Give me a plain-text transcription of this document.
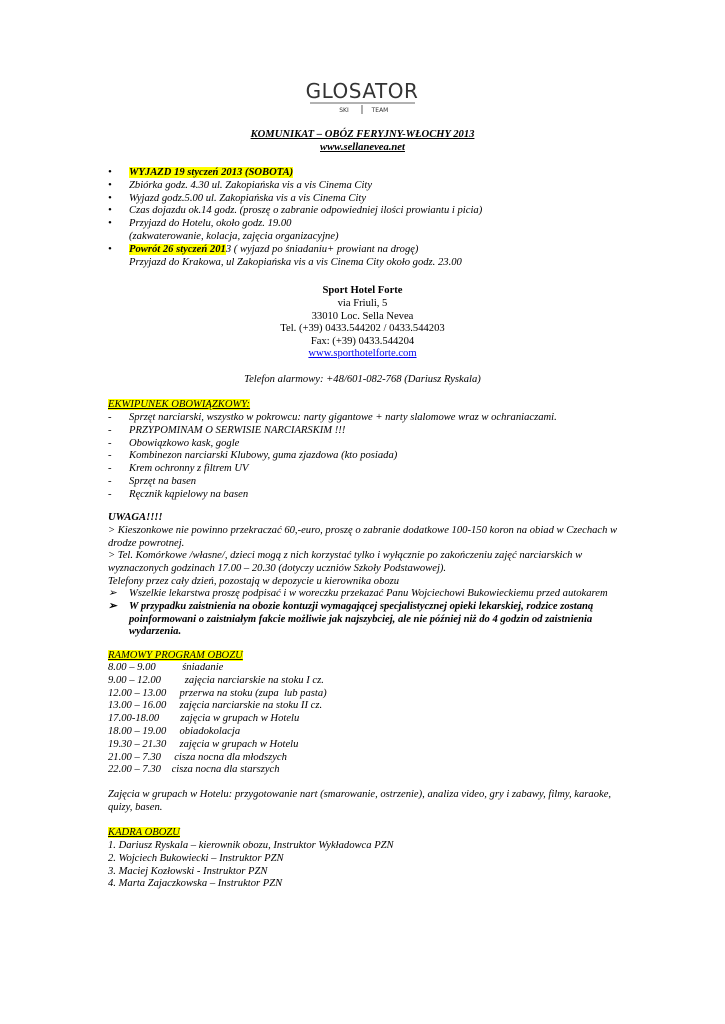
GLOSATOR
SKI	TEAM
KOMUNIKAT – OBÓZ FERYJNY-WŁOCHY 2013
www.sellanevea.net
• WYJAZD 19 styczeń 2013 (SOBOTA)
• Zbiórka godz. 4.30 ul. Zakopiańska vis a vis Cinema City
• Wyjazd godz.5.00 ul. Zakopiańska vis a vis Cinema City
• Czas dojazdu ok.14 godz. (proszę o zabranie odpowiedniej ilości prowiantu i picia)
• Przyjazd do Hotelu, około godz. 19.00
(zakwaterowanie, kolacja, zajęcia organizacyjne)
• Powrót 26 styczeń 2013 ( wyjazd po śniadaniu+ prowiant na drogę)
Przyjazd do Krakowa, ul Zakopiańska vis a vis Cinema City około godz. 23.00
Sport Hotel Forte
via Friuli, 5
33010 Loc. Sella Nevea
Tel. (+39) 0433.544202 / 0433.544203
Fax: (+39) 0433.544204
www.sporthotelforte.com
Telefon alarmowy: +48/601-082-768 (Dariusz Ryskala)
EKWIPUNEK OBOWIĄZKOWY:
- Sprzęt narciarski, wszystko w pokrowcu: narty gigantowe + narty slalomowe wraz w ochraniaczami.
- PRZYPOMINAM O SERWISIE NARCIARSKIM !!!
- Obowiązkowo kask, gogle
- Kombinezon narciarski Klubowy, guma zjazdowa (kto posiada)
- Krem ochronny z filtrem UV
- Sprzęt na basen
- Ręcznik kąpielowy na basen
UWAGA!!!!
> Kieszonkowe nie powinno przekraczać 60,-euro, proszę o zabranie dodatkowe 100-150 koron na obiad w Czechach w drodze powrotnej.
> Tel. Komórkowe /własne/, dzieci mogą z nich korzystać tylko i wyłącznie po zakończeniu zajęć narciarskich w wyznaczonych godzinach 17.00 – 20.30 (dotyczy uczniów Szkoły Podstawowej).
Telefony przez cały dzień, pozostają w depozycie u kierownika obozu
➢ Wszelkie lekarstwa proszę podpisać i w woreczku przekazać Panu Wojciechowi Bukowieckiemu przed autokarem
➢ W przypadku zaistnienia na obozie kontuzji wymagającej specjalistycznej opieki lekarskiej, rodzice zostaną poinformowani o zaistniałym fakcie możliwie jak najszybciej, ale nie później niż do 4 godzin od zaistnienia wydarzenia.
RAMOWY PROGRAM OBOZU
8.00 – 9.00          śniadanie
9.00 – 12.00         zajęcia narciarskie na stoku I cz.
12.00 – 13.00     przerwa na stoku (zupa  lub pasta)
13.00 – 16.00     zajęcia narciarskie na stoku II cz.
17.00-18.00        zajęcia w grupach w Hotelu
18.00 – 19.00     obiadokolacja
19.30 – 21.30     zajęcia w grupach w Hotelu
21.00 – 7.30     cisza nocna dla młodszych
22.00 – 7.30    cisza nocna dla starszych
Zajęcia w grupach w Hotelu: przygotowanie nart (smarowanie, ostrzenie), analiza video, gry i zabawy, filmy, karaoke, quizy, basen.
KADRA OBOZU
1. Dariusz Ryskala – kierownik obozu, Instruktor Wykładowca PZN
2. Wojciech Bukowiecki – Instruktor PZN
3. Maciej Kozłowski - Instruktor PZN
4. Marta Zajaczkowska – Instruktor PZN
